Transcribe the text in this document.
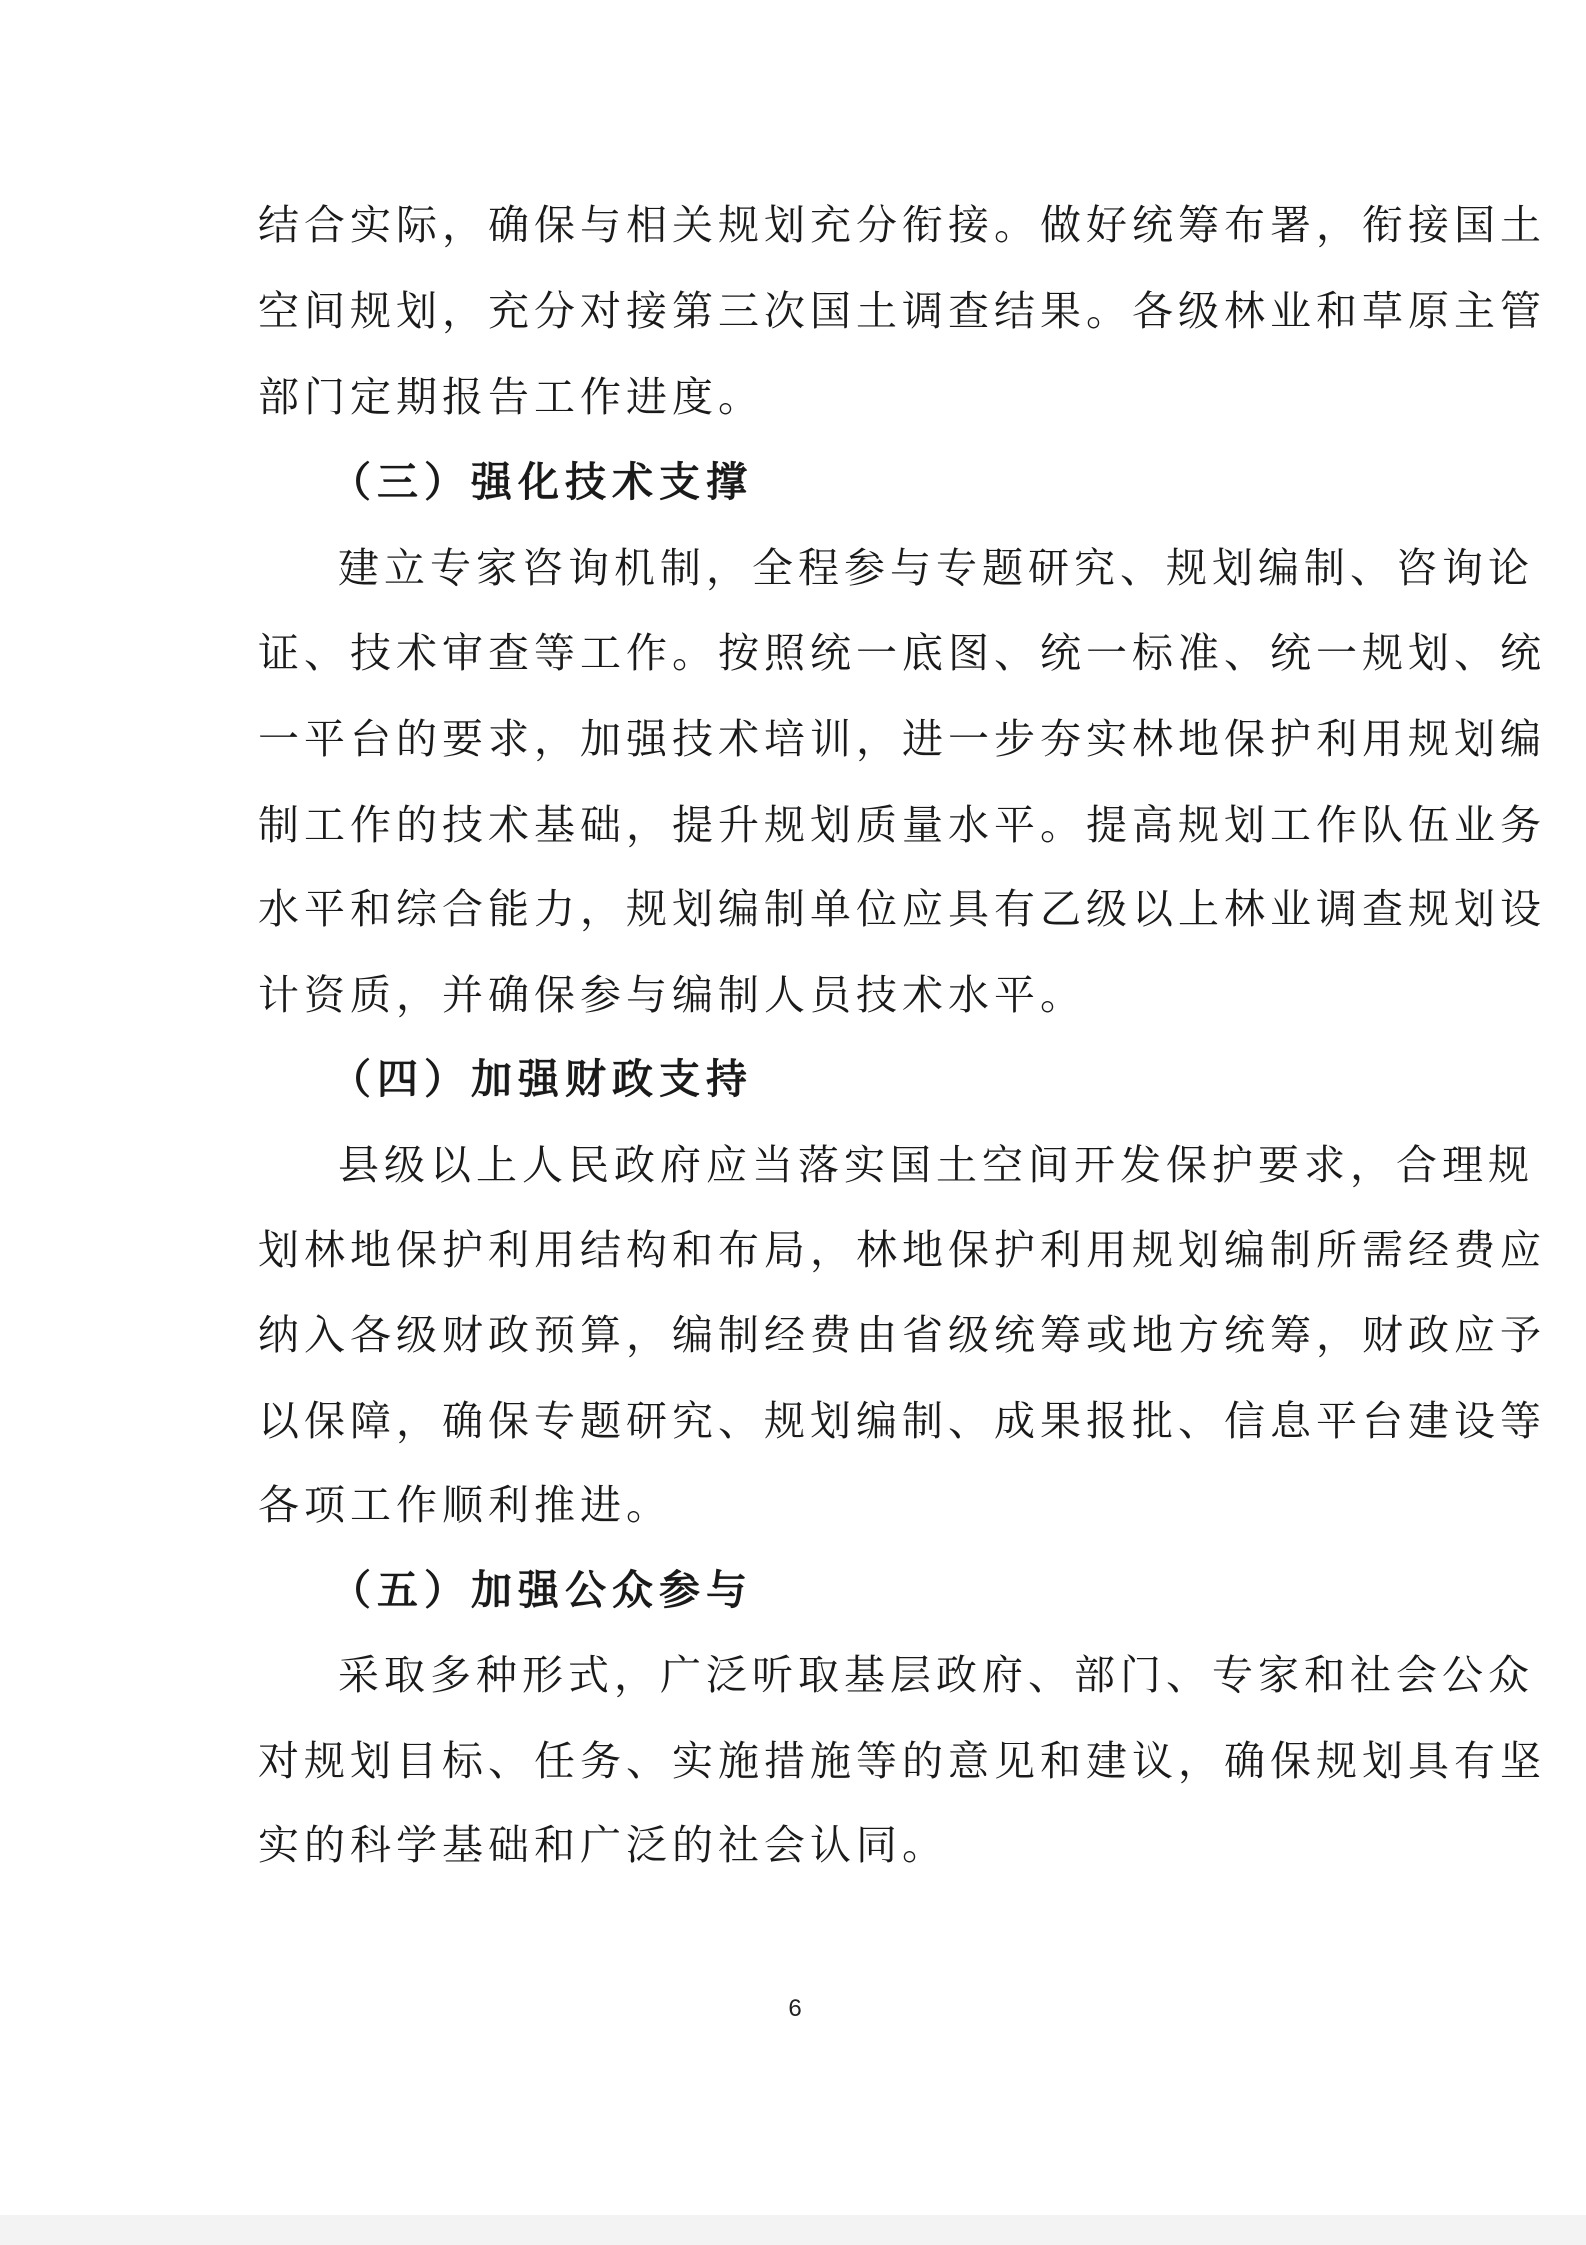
结合实际，确保与相关规划充分衔接。做好统筹布署，衔接国土
空间规划，充分对接第三次国土调查结果。各级林业和草原主管
部门定期报告工作进度。
（三）强化技术支撑
建立专家咨询机制，全程参与专题研究、规划编制、咨询论
证、技术审查等工作。按照统一底图、统一标准、统一规划、统
一平台的要求，加强技术培训，进一步夯实林地保护利用规划编
制工作的技术基础，提升规划质量水平。提高规划工作队伍业务
水平和综合能力，规划编制单位应具有乙级以上林业调查规划设
计资质，并确保参与编制人员技术水平。
（四）加强财政支持
县级以上人民政府应当落实国土空间开发保护要求，合理规
划林地保护利用结构和布局，林地保护利用规划编制所需经费应
纳入各级财政预算，编制经费由省级统筹或地方统筹，财政应予
以保障，确保专题研究、规划编制、成果报批、信息平台建设等
各项工作顺利推进。
（五）加强公众参与
采取多种形式，广泛听取基层政府、部门、专家和社会公众
对规划目标、任务、实施措施等的意见和建议，确保规划具有坚
实的科学基础和广泛的社会认同。
6
